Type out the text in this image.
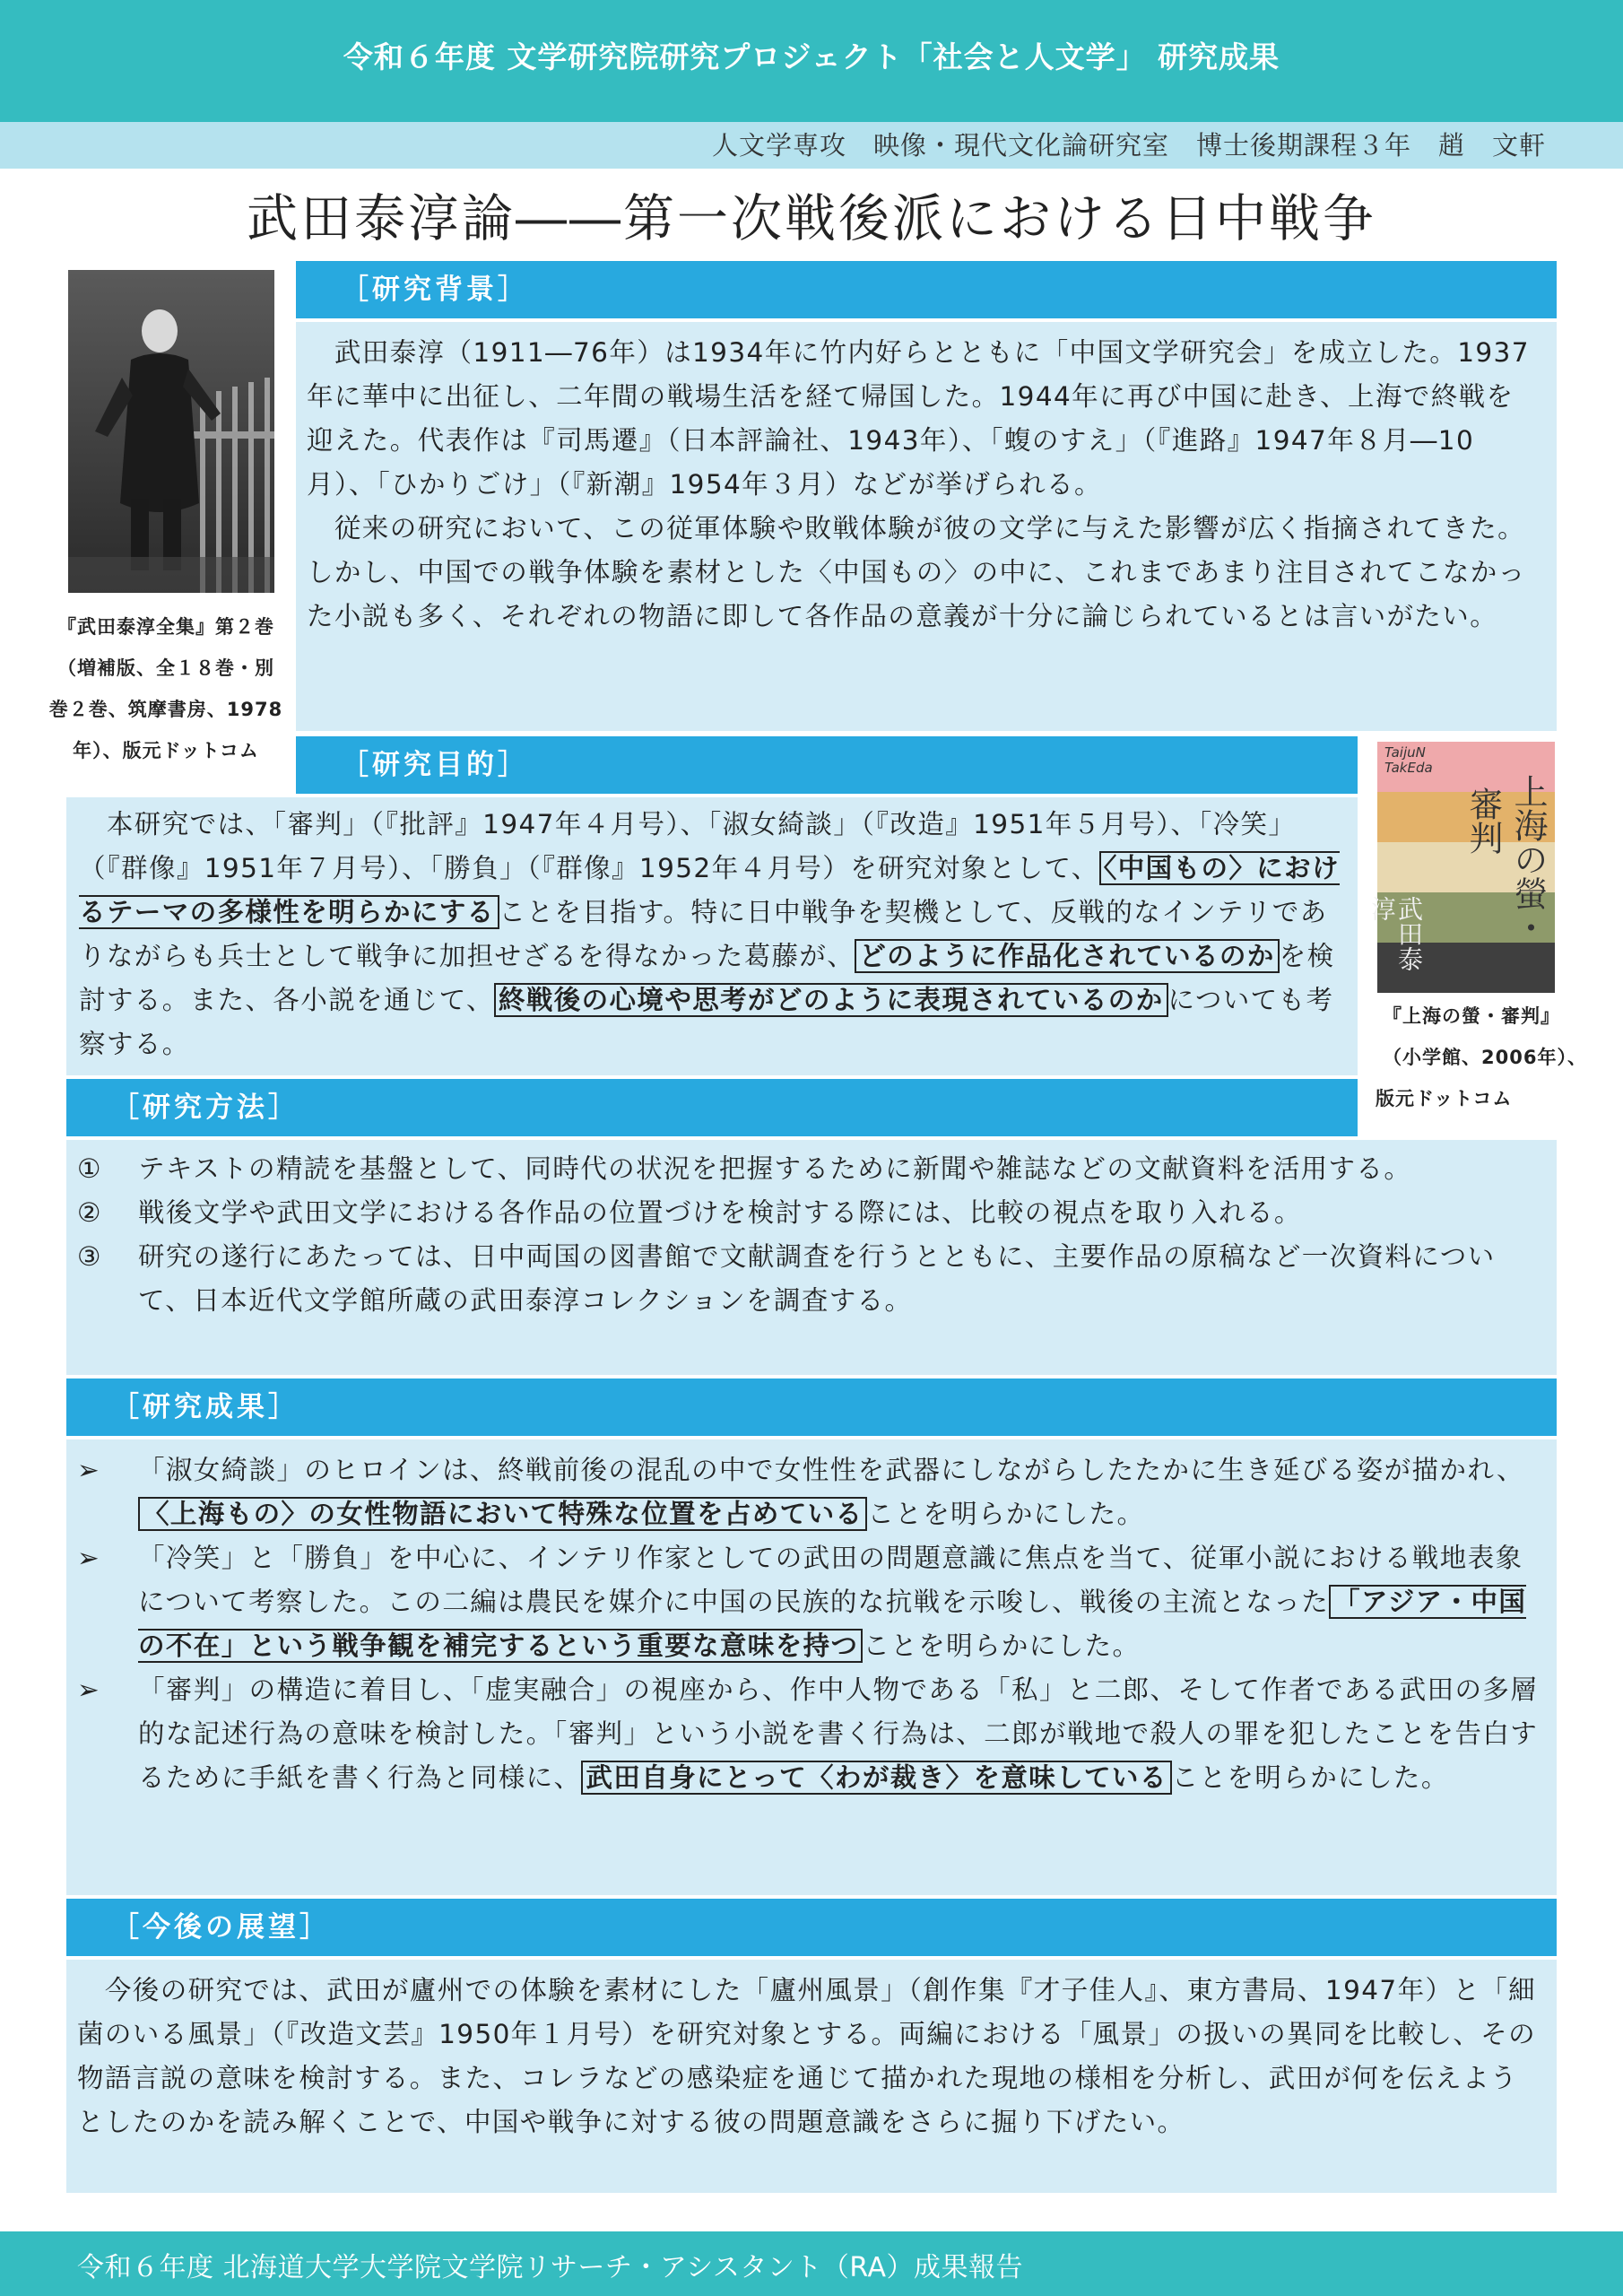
令和６年度 文学研究院研究プロジェクト「社会と人文学」 研究成果
人文学専攻　映像・現代文化論研究室　博士後期課程３年　趙　文軒
武田泰淳論――第一次戦後派における日中戦争
『武田泰淳全集』第２巻
（増補版、全１８巻・別
巻２巻、筑摩書房、1978
年）、版元ドットコム
［研究背景］

　武田泰淳（1911―76年）は1934年に竹内好らとともに「中国文学研究会」を成立した。1937年に華中に出征し、二年間の戦場生活を経て帰国した。1944年に再び中国に赴き、上海で終戦を迎えた。代表作は『司馬遷』（日本評論社、1943年）、「蝮のすえ」（『進路』1947年８月―10月）、「ひかりごけ」（『新潮』1954年３月）などが挙げられる。

　従来の研究において、この従軍体験や敗戦体験が彼の文学に与えた影響が広く指摘されてきた。しかし、中国での戦争体験を素材とした〈中国もの〉の中に、これまであまり注目されてこなかった小説も多く、それぞれの物語に即して各作品の意義が十分に論じられているとは言いがたい。

TaijuN TakEda
上海の螢・
審判
武田泰淳
『上海の螢・審判』
（小学館、2006年）、
版元ドットコム
［研究目的］

　本研究では、「審判」（『批評』1947年４月号）、「淑女綺談」（『改造』1951年５月号）、「冷笑」（『群像』1951年７月号）、「勝負」（『群像』1952年４月号）を研究対象として、 〈中国もの〉におけるテーマの多様性を明らかにする ことを目指す。特に日中戦争を契機として、反戦的なインテリでありながらも兵士として戦争に加担せざるを得なかった葛藤が、 どのように作品化されているのか を検討する。また、各小説を通じて、 終戦後の心境や思考がどのように表現されているのか についても考察する。

［研究方法］
①	テキストの精読を基盤として、同時代の状況を把握するために新聞や雑誌などの文献資料を活用する。
②	戦後文学や武田文学における各作品の位置づけを検討する際には、比較の視点を取り入れる。
③	研究の遂行にあたっては、日中両国の図書館で文献調査を行うとともに、主要作品の原稿など一次資料について、日本近代文学館所蔵の武田泰淳コレクションを調査する。
［研究成果］
➢	「淑女綺談」のヒロインは、終戦前後の混乱の中で女性性を武器にしながらしたたかに生き延びる姿が描かれ、〈上海もの〉の女性物語において特殊な位置を占めている ことを明らかにした。
➢	「冷笑」と「勝負」を中心に、インテリ作家としての武田の問題意識に焦点を当て、従軍小説における戦地表象について考察した。この二編は農民を媒介に中国の民族的な抗戦を示唆し、戦後の主流となった 「アジア・中国の不在」という戦争観を補完するという重要な意味を持つ ことを明らかにした。
➢	「審判」の構造に着目し、「虚実融合」の視座から、作中人物である「私」と二郎、そして作者である武田の多層的な記述行為の意味を検討した。「審判」という小説を書く行為は、二郎が戦地で殺人の罪を犯したことを告白するために手紙を書く行為と同様に、 武田自身にとって〈わが裁き〉を意味している ことを明らかにした。
［今後の展望］

　今後の研究では、武田が廬州での体験を素材にした「廬州風景」（創作集『才子佳人』、東方書局、1947年）と「細菌のいる風景」（『改造文芸』1950年１月号）を研究対象とする。両編における「風景」の扱いの異同を比較し、その物語言説の意味を検討する。また、コレラなどの感染症を通じて描かれた現地の様相を分析し、武田が何を伝えようとしたのかを読み解くことで、中国や戦争に対する彼の問題意識をさらに掘り下げたい。

令和６年度 北海道大学大学院文学院リサーチ・アシスタント（RA）成果報告
